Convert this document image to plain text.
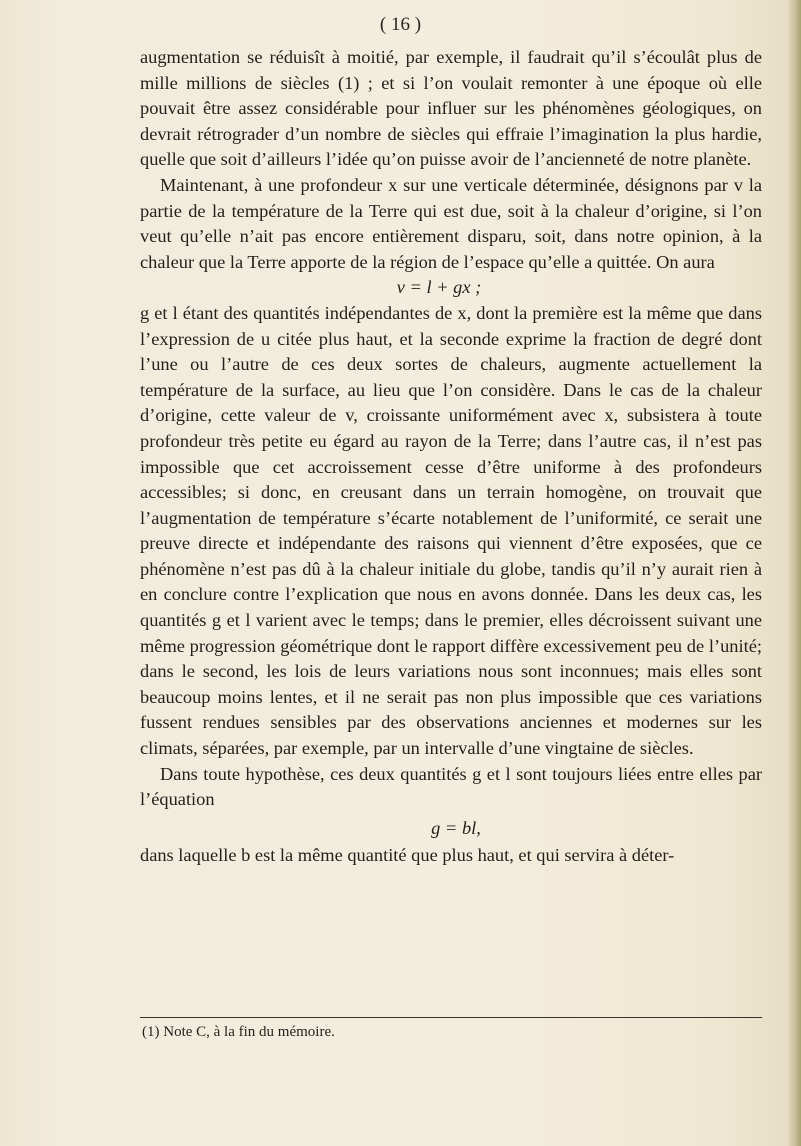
( 16 )

augmentation se réduisît à moitié, par exemple, il faudrait qu’il s’écoulât plus de mille millions de siècles (1) ; et si l’on voulait remonter à une époque où elle pouvait être assez considérable pour influer sur les phénomènes géologiques, on devrait rétrograder d’un nombre de siècles qui effraie l’imagination la plus hardie, quelle que soit d’ailleurs l’idée qu’on puisse avoir de l’ancienneté de notre planète.

Maintenant, à une profondeur x sur une verticale déterminée, désignons par v la partie de la température de la Terre qui est due, soit à la chaleur d’origine, si l’on veut qu’elle n’ait pas encore entièrement disparu, soit, dans notre opinion, à la chaleur que la Terre apporte de la région de l’espace qu’elle a quittée. On aura

v = l + gx ;

g et l étant des quantités indépendantes de x, dont la première est la même que dans l’expression de u citée plus haut, et la seconde exprime la fraction de degré dont l’une ou l’autre de ces deux sortes de chaleurs, augmente actuellement la température de la surface, au lieu que l’on considère. Dans le cas de la chaleur d’origine, cette valeur de v, croissante uniformément avec x, subsistera à toute profondeur très petite eu égard au rayon de la Terre; dans l’autre cas, il n’est pas impossible que cet accroissement cesse d’être uniforme à des profondeurs accessibles; si donc, en creusant dans un terrain homogène, on trouvait que l’augmentation de température s’écarte notablement de l’uniformité, ce serait une preuve directe et indépendante des raisons qui viennent d’être exposées, que ce phénomène n’est pas dû à la chaleur initiale du globe, tandis qu’il n’y aurait rien à en conclure contre l’explication que nous en avons donnée. Dans les deux cas, les quantités g et l varient avec le temps; dans le premier, elles décroissent suivant une même progression géométrique dont le rapport diffère excessivement peu de l’unité; dans le second, les lois de leurs variations nous sont inconnues; mais elles sont beaucoup moins lentes, et il ne serait pas non plus impossible que ces variations fussent rendues sensibles par des observations anciennes et modernes sur les climats, séparées, par exemple, par un intervalle d’une vingtaine de siècles.

Dans toute hypothèse, ces deux quantités g et l sont toujours liées entre elles par l’équation

g = bl,

dans laquelle b est la même quantité que plus haut, et qui servira à déter-

(1) Note C, à la fin du mémoire.
